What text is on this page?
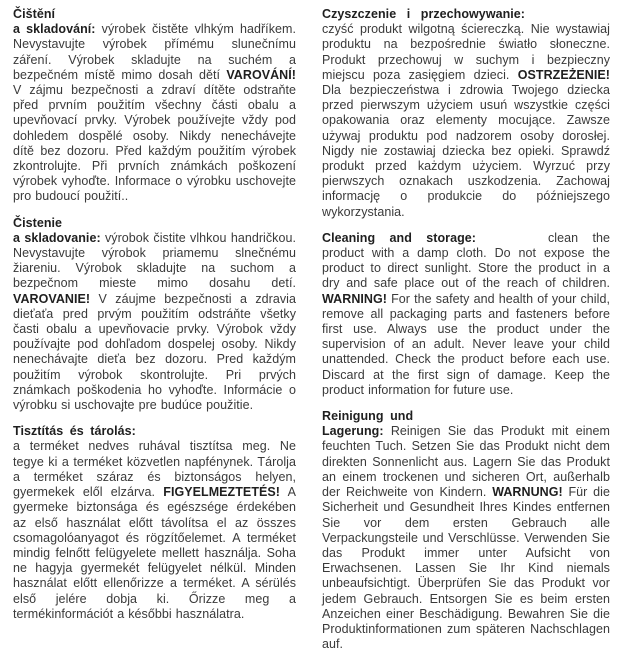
Čištění
a skladování: výrobek čistěte vlhkým hadříkem. Nevystavujte výrobek přímému slunečnímu záření. Výrobek skladujte na suchém a bezpečném místě mimo dosah dětí VAROVÁNÍ! V zájmu bezpečnosti a zdraví dítěte odstraňte před prvním použitím všechny části obalu a upevňovací prvky. Výrobek používejte vždy pod dohledem dospělé osoby. Nikdy nenechávejte dítě bez dozoru. Před každým použitím výrobek zkontrolujte. Při prvních známkách poškození výrobek vyhoďte. Informace o výrobku uschovejte pro budoucí použití..

Čistenie
a skladovanie: výrobok čistite vlhkou handričkou. Nevystavujte výrobok priamemu slnečnému žiareniu. Výrobok skladujte na suchom a bezpečnom mieste mimo dosahu detí. VAROVANIE! V záujme bezpečnosti a zdravia dieťaťa pred prvým použitím odstráňte všetky časti obalu a upevňovacie prvky. Výrobok vždy používajte pod dohľadom dospelej osoby. Nikdy nenechávajte dieťa bez dozoru. Pred každým použitím výrobok skontrolujte. Pri prvých známkach poškodenia ho vyhoďte. Informácie o výrobku si uschovajte pre budúce použitie.

Tisztítás és tárolás:
a terméket nedves ruhával tisztítsa meg. Ne tegye ki a terméket közvetlen napfénynek. Tárolja a terméket száraz és biztonságos helyen, gyermekek elől elzárva. FIGYELMEZTETÉS! A gyermeke biztonsága és egészsége érdekében az első használat előtt távolítsa el az összes csomagolóanyagot és rögzítőelemet. A terméket mindig felnőtt felügyelete mellett használja. Soha ne hagyja gyermekét felügyelet nélkül. Minden használat előtt ellenőrizze a terméket. A sérülés első jelére dobja ki. Őrizze meg a termékinformációt a későbbi használatra.

Czyszczenie i przechowywanie:
czyść produkt wilgotną ściereczką. Nie wystawiaj produktu na bezpośrednie światło słoneczne. Produkt przechowuj w suchym i bezpieczny miejscu poza zasięgiem dzieci. OSTRZEŻENIE! Dla bezpieczeństwa i zdrowia Twojego dziecka przed pierwszym użyciem usuń wszystkie części opakowania oraz elementy mocujące. Zawsze używaj produktu pod nadzorem osoby dorosłej. Nigdy nie zostawiaj dziecka bez opieki. Sprawdź produkt przed każdym użyciem. Wyrzuć przy pierwszych oznakach uszkodzenia. Zachowaj informację o produkcie do późniejszego wykorzystania.

Cleaning and storage:	clean the product with a damp cloth. Do not expose the product to direct sunlight. Store the product in a dry and safe place out of the reach of children. WARNING! For the safety and health of your child, remove all packaging parts and fasteners before first use. Always use the product under the supervision of an adult. Never leave your child unattended. Check the product before each use. Discard at the first sign of damage. Keep the product information for future use.

Reinigung und
Lagerung: Reinigen Sie das Produkt mit einem feuchten Tuch. Setzen Sie das Produkt nicht dem direkten Sonnenlicht aus. Lagern Sie das Produkt an einem trockenen und sicheren Ort, außerhalb der Reichweite von Kindern. WARNUNG! Für die Sicherheit und Gesundheit Ihres Kindes entfernen Sie vor dem ersten Gebrauch alle Verpackungsteile und Verschlüsse. Verwenden Sie das Produkt immer unter Aufsicht von Erwachsenen. Lassen Sie Ihr Kind niemals unbeaufsichtigt. Überprüfen Sie das Produkt vor jedem Gebrauch. Entsorgen Sie es beim ersten Anzeichen einer Beschädigung. Bewahren Sie die Produktinformationen zum späteren Nachschlagen auf.
